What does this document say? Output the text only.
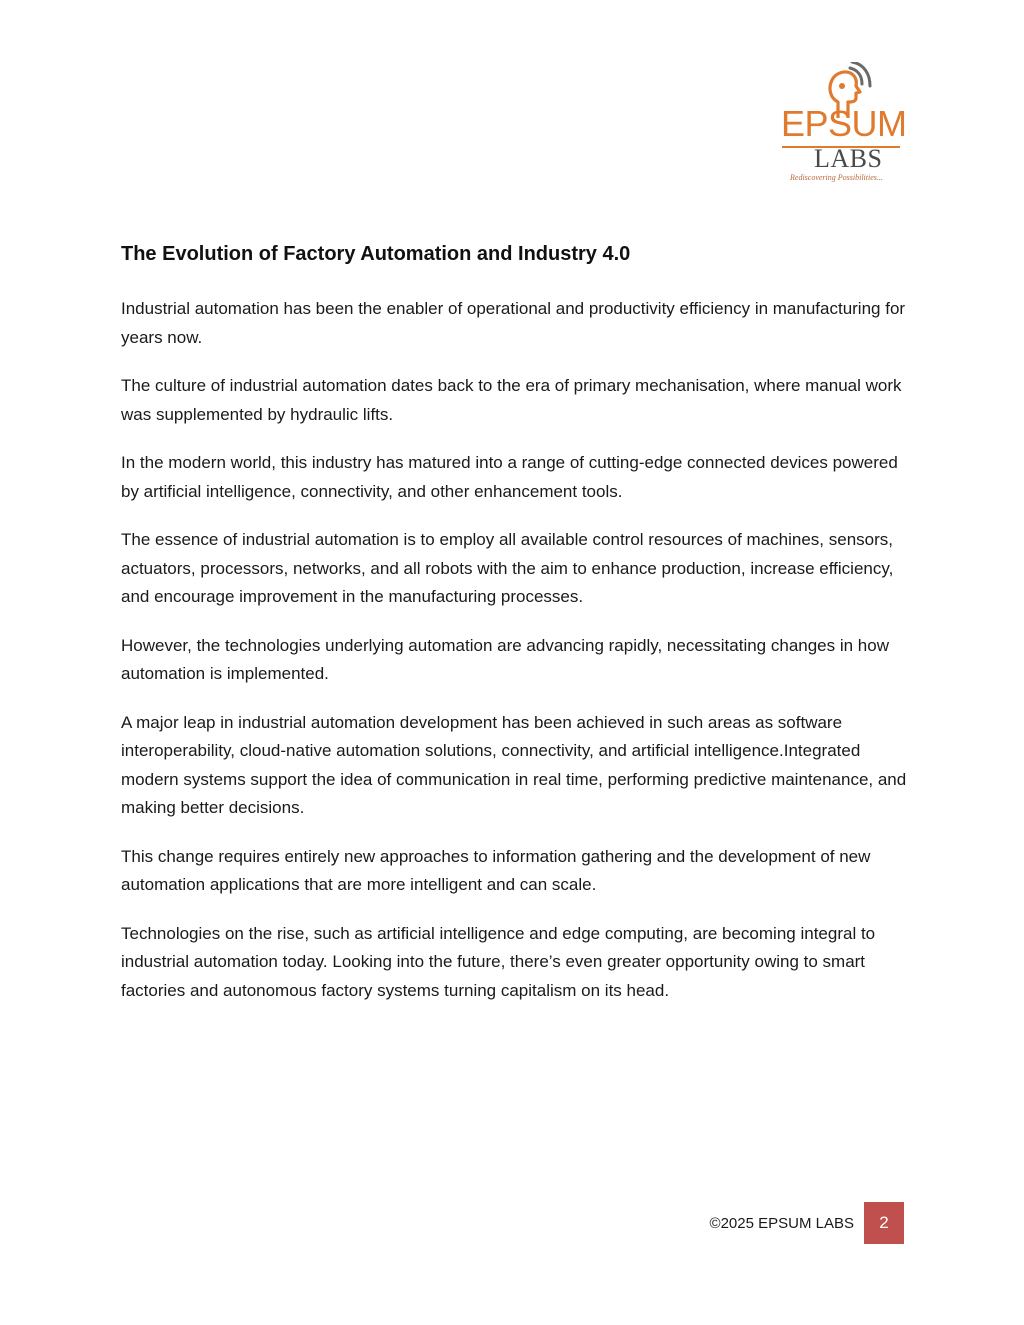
EPSUM
LABS
Rediscovering Possibilities...
The Evolution of Factory Automation and Industry 4.0

Industrial automation has been the enabler of operational and productivity efficiency in manufacturing for years now.

The culture of industrial automation dates back to the era of primary mechanisation, where manual work was supplemented by hydraulic lifts.

In the modern world, this industry has matured into a range of cutting-edge connected devices powered by artificial intelligence, connectivity, and other enhancement tools.

The essence of industrial automation is to employ all available control resources of machines, sensors, actuators, processors, networks, and all robots with the aim to enhance production, increase efficiency, and encourage improvement in the manufacturing processes.

However, the technologies underlying automation are advancing rapidly, necessitating changes in how automation is implemented.

A major leap in industrial automation development has been achieved in such areas as software interoperability, cloud-native automation solutions, connectivity, and artificial intelligence.Integrated modern systems support the idea of communication in real time, performing predictive maintenance, and making better decisions.

This change requires entirely new approaches to information gathering and the development of new automation applications that are more intelligent and can scale.

Technologies on the rise, such as artificial intelligence and edge computing, are becoming integral to industrial automation today. Looking into the future, there’s even greater opportunity owing to smart factories and autonomous factory systems turning capitalism on its head.

©2025 EPSUM LABS	2
